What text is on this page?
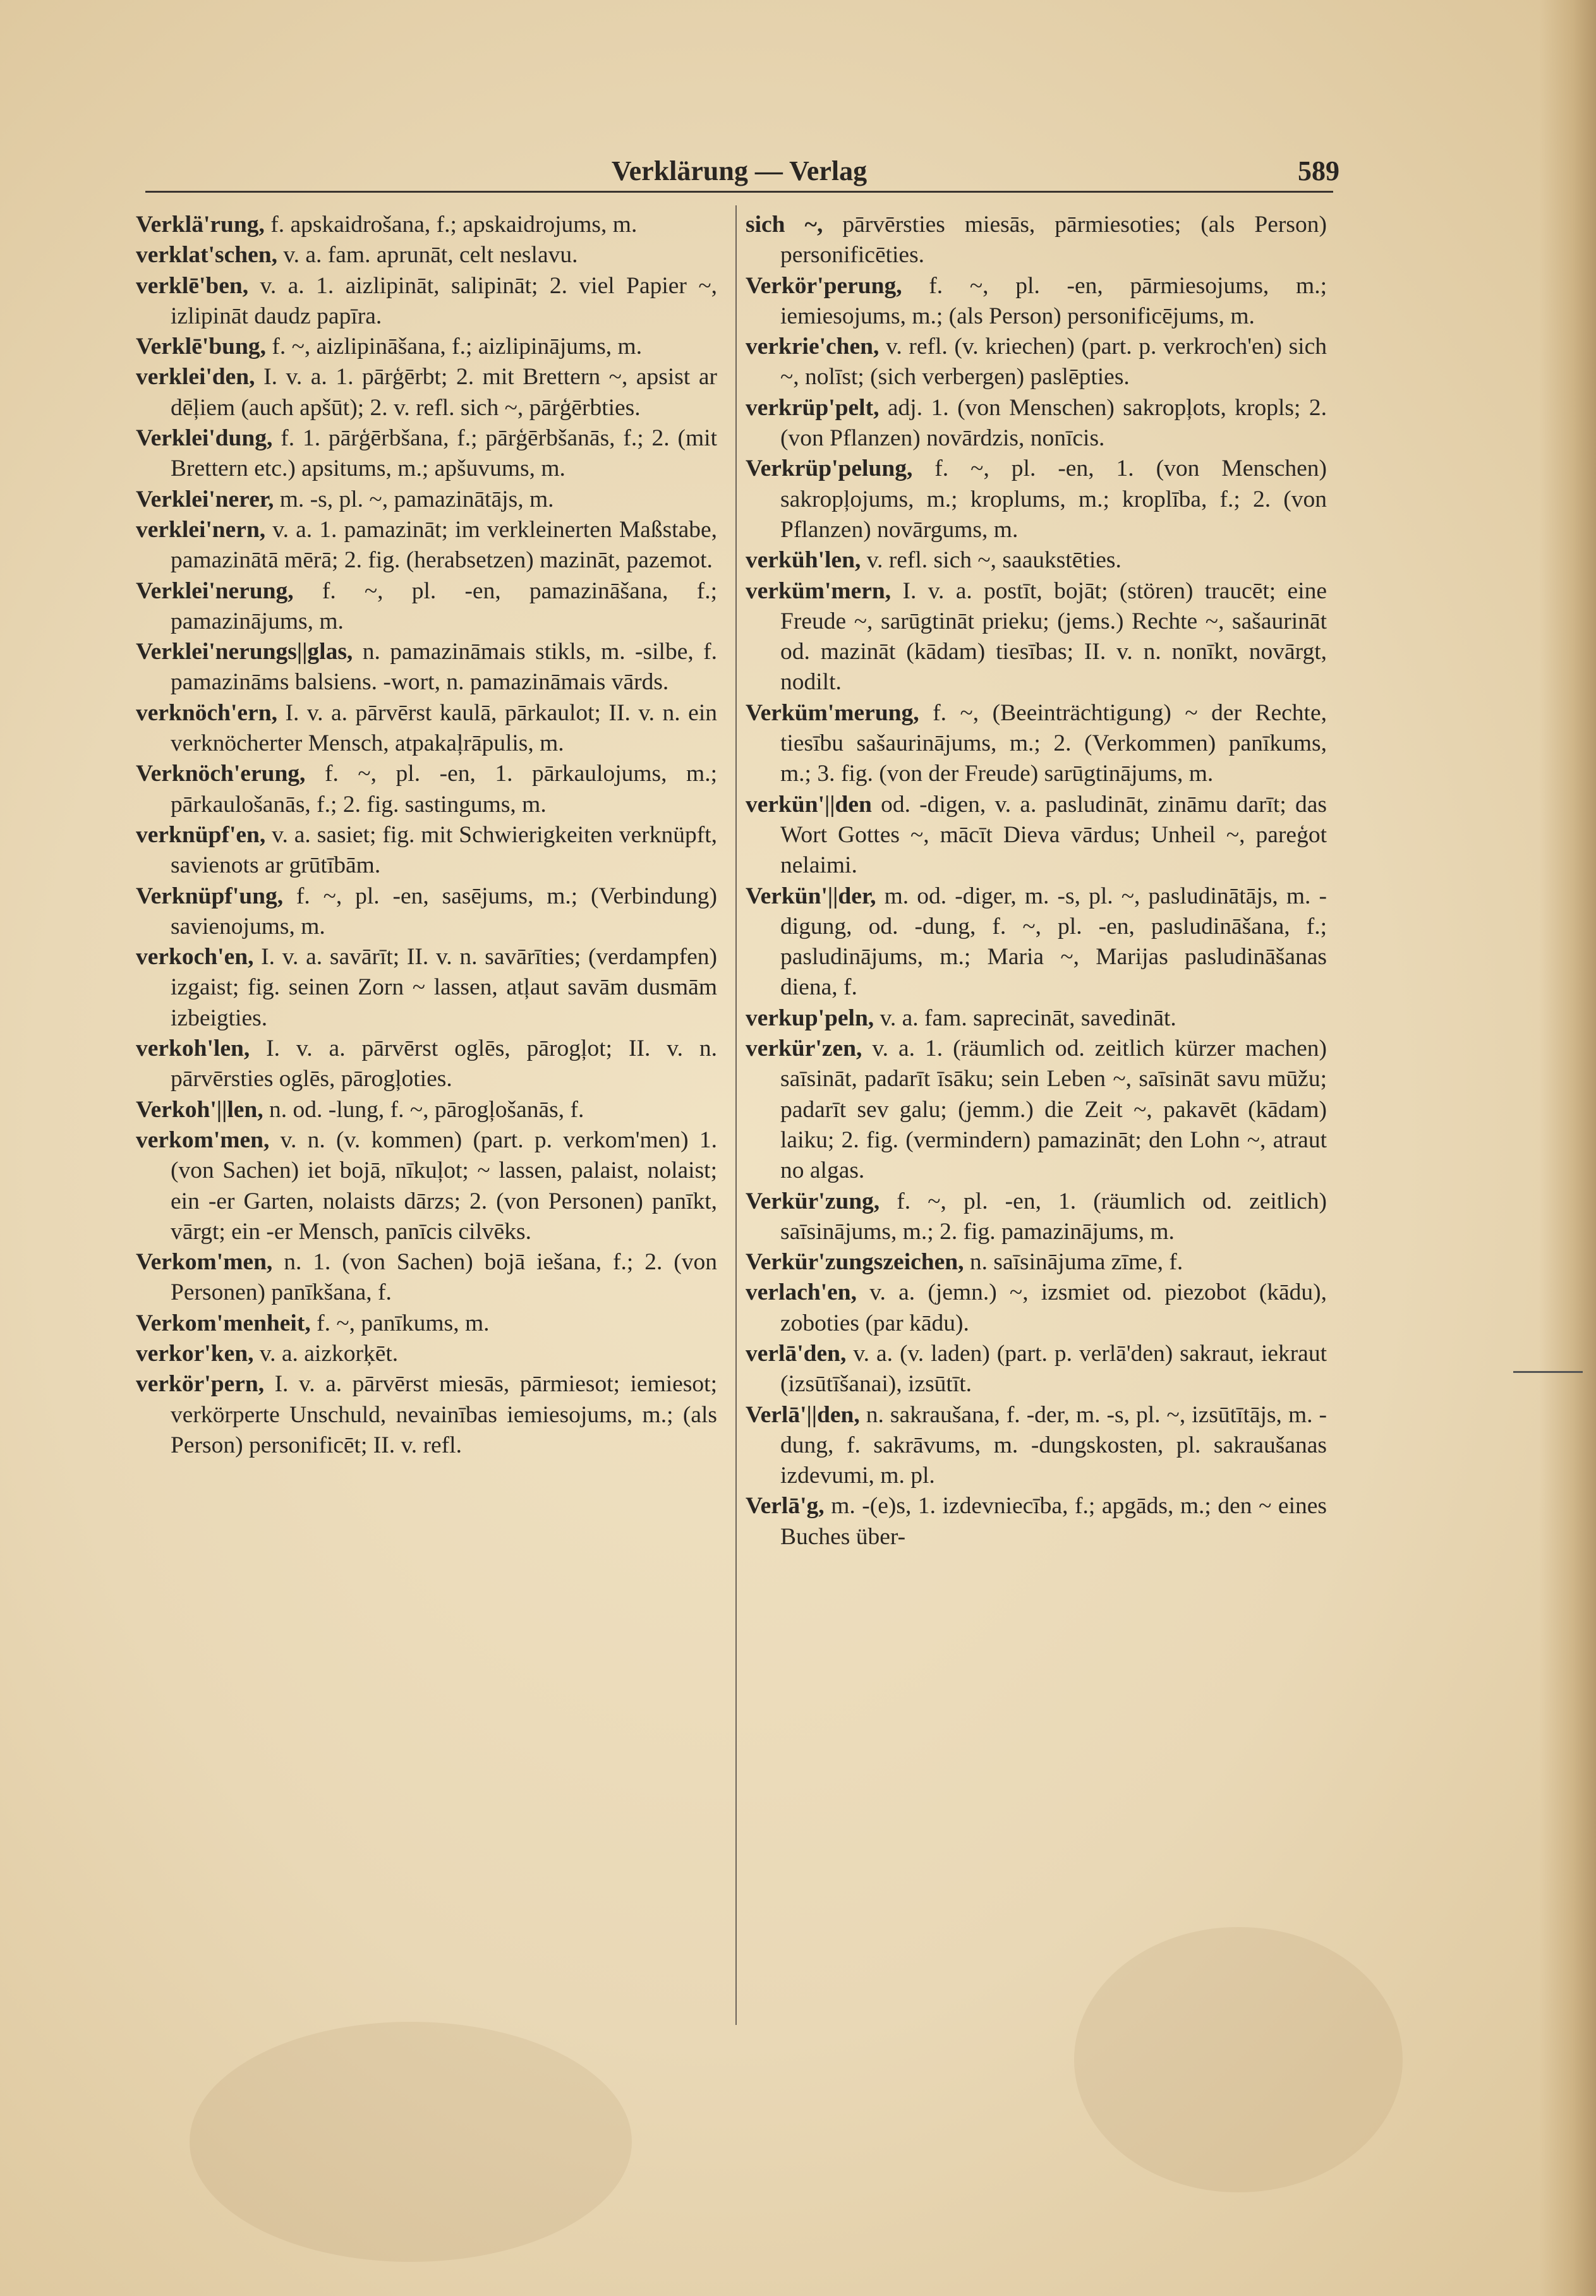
Verklärung — Verlag	589

Verklä'rung, f. apskaidrošana, f.; apskaidrojums, m.

verklat'schen, v. a. fam. aprunāt, celt neslavu.

verklē'ben, v. a. 1. aizlipināt, salipināt; 2. viel Papier ~, izlipināt daudz papīra.

Verklē'bung, f. ~, aizlipināšana, f.; aizlipinājums, m.

verklei'den, I. v. a. 1. pārģērbt; 2. mit Brettern ~, apsist ar dēļiem (auch apšūt); 2. v. refl. sich ~, pārģērbties.

Verklei'dung, f. 1. pārģērbšana, f.; pārģērbšanās, f.; 2. (mit Brettern etc.) apsitums, m.; apšuvums, m.

Verklei'nerer, m. -s, pl. ~, pamazinātājs, m.

verklei'nern, v. a. 1. pamazināt; im verkleinerten Maßstabe, pamazinātā mērā; 2. fig. (herabsetzen) mazināt, pazemot.

Verklei'nerung, f. ~, pl. -en, pamazināšana, f.; pamazinājums, m.

Verklei'nerungs||glas, n. pamazināmais stikls, m. -silbe, f. pamazināms balsiens. -wort, n. pamazināmais vārds.

verknöch'ern, I. v. a. pārvērst kaulā, pārkaulot; II. v. n. ein verknöcherter Mensch, atpakaļrāpulis, m.

Verknöch'erung, f. ~, pl. -en, 1. pārkaulojums, m.; pārkaulošanās, f.; 2. fig. sastingums, m.

verknüpf'en, v. a. sasiet; fig. mit Schwierigkeiten verknüpft, savienots ar grūtībām.

Verknüpf'ung, f. ~, pl. -en, sasējums, m.; (Verbindung) savienojums, m.

verkoch'en, I. v. a. savārīt; II. v. n. savārīties; (verdampfen) izgaist; fig. seinen Zorn ~ lassen, atļaut savām dusmām izbeigties.

verkoh'len, I. v. a. pārvērst oglēs, pārogļot; II. v. n. pārvērsties oglēs, pārogļoties.

Verkoh'||len, n. od. -lung, f. ~, pārogļošanās, f.

verkom'men, v. n. (v. kommen) (part. p. verkom'men) 1. (von Sachen) iet bojā, nīkuļot; ~ lassen, palaist, nolaist; ein -er Garten, nolaists dārzs; 2. (von Personen) panīkt, vārgt; ein -er Mensch, panīcis cilvēks.

Verkom'men, n. 1. (von Sachen) bojā iešana, f.; 2. (von Personen) panīkšana, f.

Verkom'menheit, f. ~, panīkums, m.

verkor'ken, v. a. aizkorķēt.

verkör'pern, I. v. a. pārvērst miesās, pārmiesot; iemiesot; verkörperte Unschuld, nevainības iemiesojums, m.; (als Person) personificēt; II. v. refl.

sich ~, pārvērsties miesās, pārmiesoties; (als Person) personificēties.

Verkör'perung, f. ~, pl. -en, pārmiesojums, m.; iemiesojums, m.; (als Person) personificējums, m.

verkrie'chen, v. refl. (v. kriechen) (part. p. verkroch'en) sich ~, nolīst; (sich verbergen) paslēpties.

verkrüp'pelt, adj. 1. (von Menschen) sakropļots, kropls; 2. (von Pflanzen) novārdzis, nonīcis.

Verkrüp'pelung, f. ~, pl. -en, 1. (von Menschen) sakropļojums, m.; kroplums, m.; kroplība, f.; 2. (von Pflanzen) novārgums, m.

verküh'len, v. refl. sich ~, saaukstēties.

verküm'mern, I. v. a. postīt, bojāt; (stören) traucēt; eine Freude ~, sarūgtināt prieku; (jems.) Rechte ~, sašaurināt od. mazināt (kādam) tiesības; II. v. n. nonīkt, novārgt, nodilt.

Verküm'merung, f. ~, (Beeinträchtigung) ~ der Rechte, tiesību sašaurinājums, m.; 2. (Verkommen) panīkums, m.; 3. fig. (von der Freude) sarūgtinājums, m.

verkün'||den od. -digen, v. a. pasludināt, zināmu darīt; das Wort Gottes ~, mācīt Dieva vārdus; Unheil ~, pareģot nelaimi.

Verkün'||der, m. od. -diger, m. -s, pl. ~, pasludinātājs, m. -digung, od. -dung, f. ~, pl. -en, pasludināšana, f.; pasludinājums, m.; Maria ~, Marijas pasludināšanas diena, f.

verkup'peln, v. a. fam. saprecināt, savedināt.

verkür'zen, v. a. 1. (räumlich od. zeitlich kürzer machen) saīsināt, padarīt īsāku; sein Leben ~, saīsināt savu mūžu; padarīt sev galu; (jemm.) die Zeit ~, pakavēt (kādam) laiku; 2. fig. (vermindern) pamazināt; den Lohn ~, atraut no algas.

Verkür'zung, f. ~, pl. -en, 1. (räumlich od. zeitlich) saīsinājums, m.; 2. fig. pamazinājums, m.

Verkür'zungszeichen, n. saīsinājuma zīme, f.

verlach'en, v. a. (jemn.) ~, izsmiet od. piezobot (kādu), zoboties (par kādu).

verlā'den, v. a. (v. laden) (part. p. verlā'den) sakraut, iekraut (izsūtīšanai), izsūtīt.

Verlā'||den, n. sakraušana, f. -der, m. -s, pl. ~, izsūtītājs, m. -dung, f. sakrāvums, m. -dungskosten, pl. sakraušanas izdevumi, m. pl.

Verlā'g, m. -(e)s, 1. izdevniecība, f.; apgāds, m.; den ~ eines Buches über-
